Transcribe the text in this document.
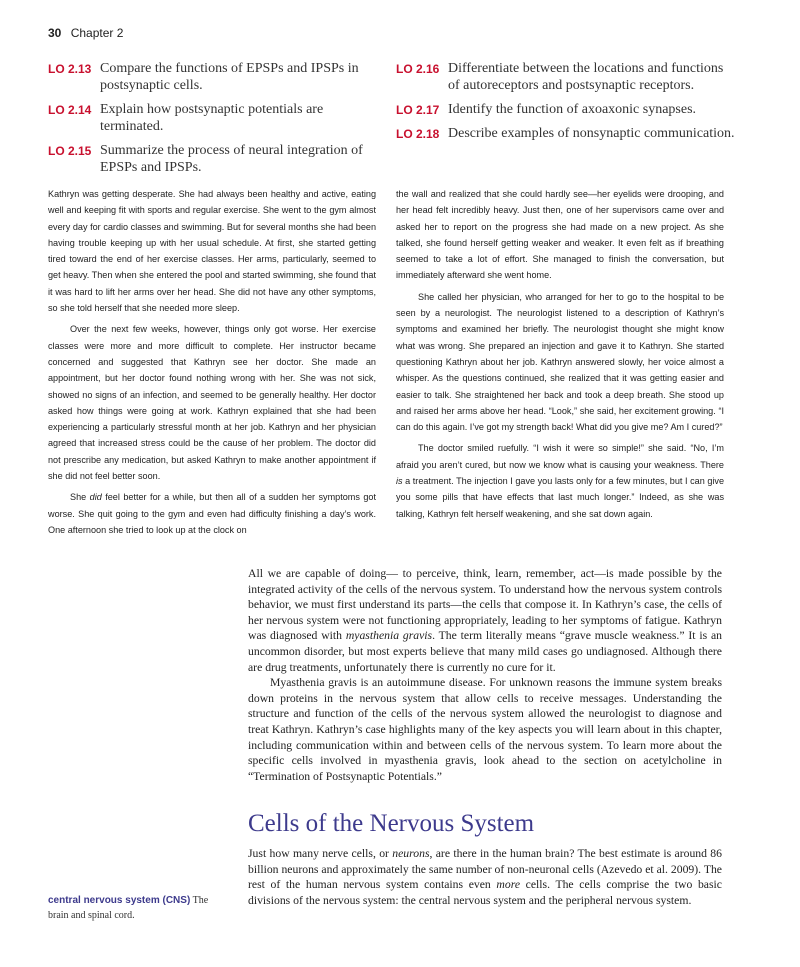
30 Chapter 2
LO 2.13 Compare the functions of EPSPs and IPSPs in postsynaptic cells.
LO 2.14 Explain how postsynaptic potentials are terminated.
LO 2.15 Summarize the process of neural integration of EPSPs and IPSPs.
LO 2.16 Differentiate between the locations and functions of autoreceptors and postsynaptic receptors.
LO 2.17 Identify the function of axoaxonic synapses.
LO 2.18 Describe examples of nonsynaptic communication.

Kathryn was getting desperate. She had always been healthy and active, eating well and keeping fit with sports and regular exercise. She went to the gym almost every day for cardio classes and swimming. But for several months she had been having trouble keeping up with her usual schedule. At first, she started getting tired toward the end of her exercise classes. Her arms, particularly, seemed to get heavy. Then when she entered the pool and started swimming, she found that it was hard to lift her arms over her head. She did not have any other symptoms, so she told herself that she needed more sleep.

Over the next few weeks, however, things only got worse. Her exercise classes were more and more difficult to complete. Her instructor became concerned and suggested that Kathryn see her doctor. She made an appointment, but her doctor found nothing wrong with her. She was not sick, showed no signs of an infection, and seemed to be generally healthy. Her doctor asked how things were going at work. Kathryn explained that she had been experiencing a particularly stressful month at her job. Kathryn and her physician agreed that increased stress could be the cause of her problem. The doctor did not prescribe any medication, but asked Kathryn to make another appointment if she did not feel better soon.

She did feel better for a while, but then all of a sudden her symptoms got worse. She quit going to the gym and even had difficulty finishing a day’s work. One afternoon she tried to look up at the clock on

the wall and realized that she could hardly see—her eyelids were drooping, and her head felt incredibly heavy. Just then, one of her supervisors came over and asked her to report on the progress she had made on a new project. As she talked, she found herself getting weaker and weaker. It even felt as if breathing seemed to take a lot of effort. She managed to finish the conversation, but immediately afterward she went home.

She called her physician, who arranged for her to go to the hospital to be seen by a neurologist. The neurologist listened to a description of Kathryn’s symptoms and examined her briefly. The neurologist thought she might know what was wrong. She prepared an injection and gave it to Kathryn. She started questioning Kathryn about her job. Kathryn answered slowly, her voice almost a whisper. As the questions continued, she realized that it was getting easier and easier to talk. She straightened her back and took a deep breath. She stood up and raised her arms above her head. “Look,” she said, her excitement growing. “I can do this again. I’ve got my strength back! What did you give me? Am I cured?”

The doctor smiled ruefully. “I wish it were so simple!” she said. “No, I’m afraid you aren’t cured, but now we know what is causing your weakness. There is a treatment. The injection I gave you lasts only for a few minutes, but I can give you some pills that have effects that last much longer.” Indeed, as she was talking, Kathryn felt herself weakening, and she sat down again.

All we are capable of doing— to perceive, think, learn, remember, act—is made possible by the integrated activity of the cells of the nervous system. To understand how the nervous system controls behavior, we must first understand its parts—the cells that compose it. In Kathryn’s case, the cells of her nervous system were not functioning appropriately, leading to her symptoms of fatigue. Kathryn was diagnosed with myasthenia gravis. The term literally means “grave muscle weakness.” It is an uncommon disorder, but most experts believe that many mild cases go undiagnosed. Although there are drug treatments, unfortunately there is currently no cure for it.

Myasthenia gravis is an autoimmune disease. For unknown reasons the immune system breaks down proteins in the nervous system that allow cells to receive messages. Understanding the structure and function of the cells of the nervous system allowed the neurologist to diagnose and treat Kathryn. Kathryn’s case highlights many of the key aspects you will learn about in this chapter, including communication within and between cells of the nervous system. To learn more about the specific cells involved in myasthenia gravis, look ahead to the section on acetylcholine in “Termination of Postsynaptic Potentials.”

Cells of the Nervous System

Just how many nerve cells, or neurons, are there in the human brain? The best estimate is around 86 billion neurons and approximately the same number of non-neuronal cells (Azevedo et al. 2009). The rest of the human nervous system contains even more cells. The cells comprise the two basic divisions of the nervous system: the central nervous system and the peripheral nervous system.

central nervous system (CNS) The brain and spinal cord.
